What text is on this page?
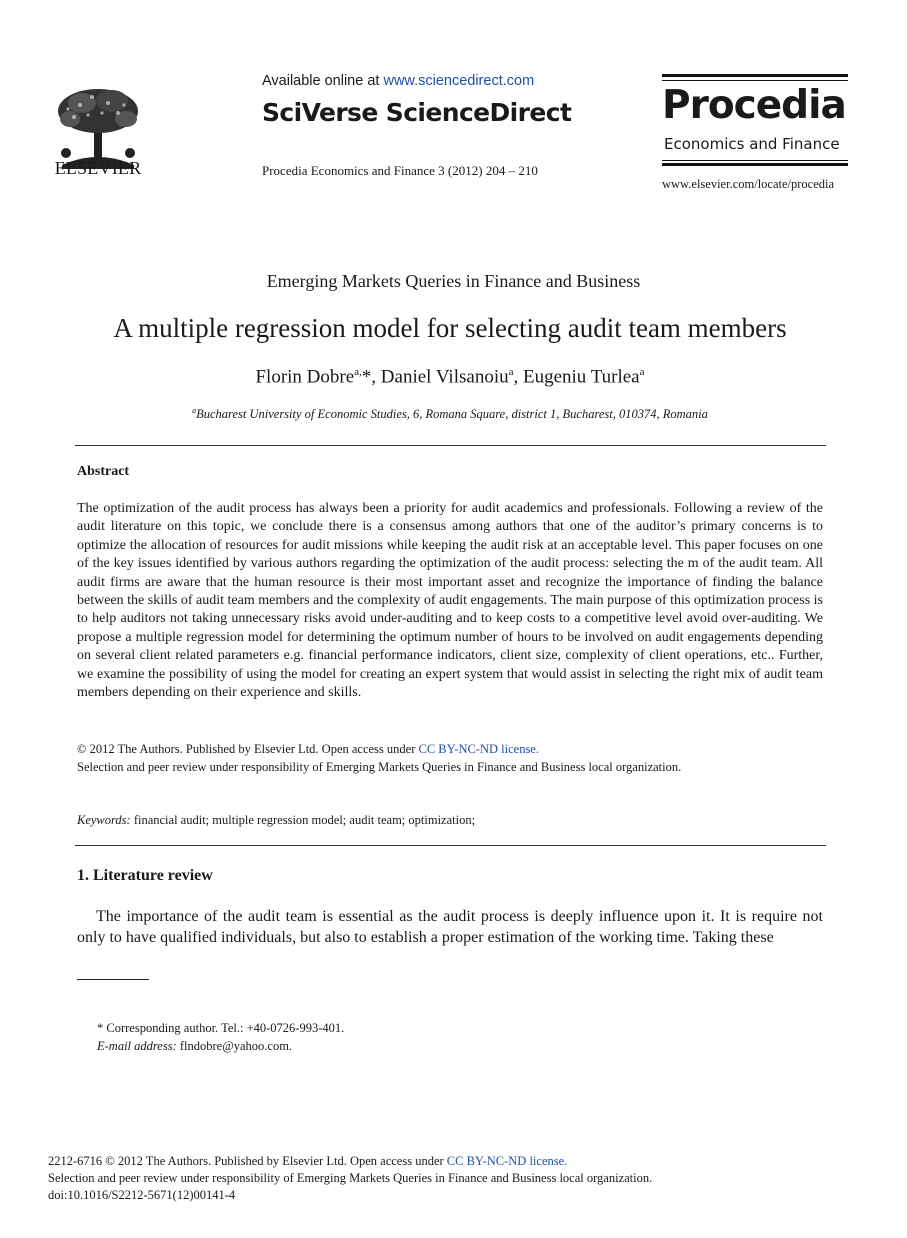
ELSEVIER
Available online at www.sciencedirect.com
SciVerse ScienceDirect
Procedia Economics and Finance 3 (2012) 204 – 210
Procedia
Economics and Finance
www.elsevier.com/locate/procedia
Emerging Markets Queries in Finance and Business
A multiple regression model for selecting audit team members
Florin Dobre$^{a,}$*, Daniel Vilsanoiu$^a$, Eugeniu Turlea$^a$
$^a$Bucharest University of Economic Studies, 6, Romana Square, district 1, Bucharest, 010374, Romania
Abstract
The optimization of the audit process has always been a priority for audit academics and professionals. Following a review of the audit literature on this topic, we conclude there is a consensus among authors that one of the auditor’s primary concerns is to optimize the allocation of resources for audit missions while keeping the audit risk at an acceptable level. This paper focuses on one of the key issues identified by various authors regarding the optimization of the audit process: selecting the m of the audit team. All audit firms are aware that the human resource is their most important asset and recognize the importance of finding the balance between the skills of audit team members and the complexity of audit engagements. The main purpose of this optimization process is to help auditors not taking unnecessary risks avoid under-auditing and to keep costs to a competitive level avoid over-auditing. We propose a multiple regression model for determining the optimum number of hours to be involved on audit engagements depending on several client related parameters e.g. financial performance indicators, client size, complexity of client operations, etc.. Further, we examine the possibility of using the model for creating an expert system that would assist in selecting the right mix of audit team members depending on their experience and skills.
© 2012 The Authors. Published by Elsevier Ltd. Open access under CC BY-NC-ND license.
Selection and peer review under responsibility of Emerging Markets Queries in Finance and Business local organization.
Keywords: financial audit; multiple regression model; audit team; optimization;
1. Literature review
The importance of the audit team is essential as the audit process is deeply influence upon it. It is require not only to have qualified individuals, but also to establish a proper estimation of the working time. Taking these
* Corresponding author. Tel.: +40-0726-993-401.
E-mail address: flndobre@yahoo.com.
2212-6716 © 2012 The Authors. Published by Elsevier Ltd. Open access under CC BY-NC-ND license.
Selection and peer review under responsibility of Emerging Markets Queries in Finance and Business local organization.
doi:10.1016/S2212-5671(12)00141-4
